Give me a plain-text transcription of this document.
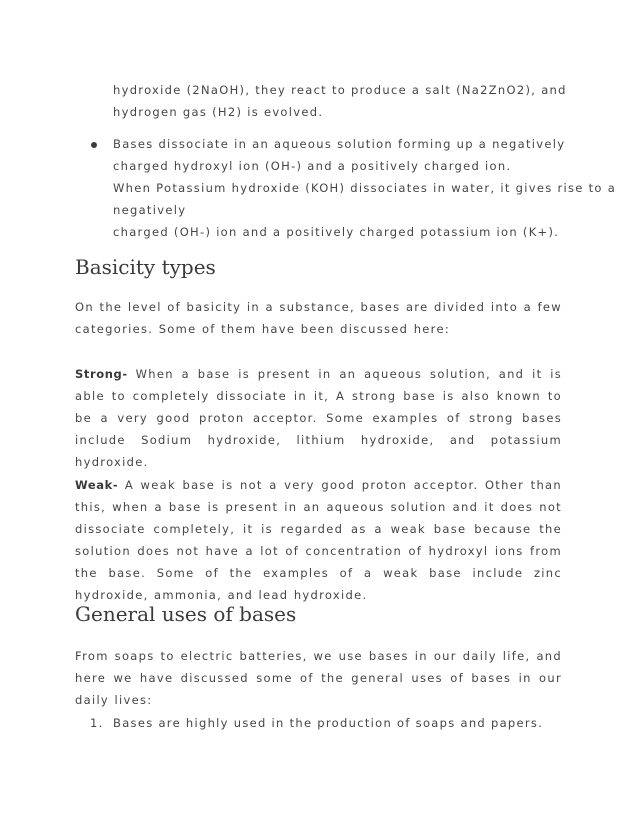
hydroxide (2NaOH), they react to produce a salt (Na2ZnO2), and

hydrogen gas (H2) is evolved.

Bases dissociate in an aqueous solution forming up a negatively

charged hydroxyl ion (OH-) and a positively charged ion.

When Potassium hydroxide (KOH) dissociates in water, it gives rise to a

negatively

charged (OH-) ion and a positively charged potassium ion (K+).

Basicity types

On the level of basicity in a substance, bases are divided into a few categories. Some of them have been discussed here:

Strong- When a base is present in an aqueous solution, and it is able to completely dissociate in it, A strong base is also known to be a very good proton acceptor. Some examples of strong bases include Sodium hydroxide, lithium hydroxide, and potassium hydroxide.

Weak- A weak base is not a very good proton acceptor. Other than this, when a base is present in an aqueous solution and it does not dissociate completely, it is regarded as a weak base because the solution does not have a lot of concentration of hydroxyl ions from the base. Some of the examples of a weak base include zinc hydroxide, ammonia, and lead hydroxide.

General uses of bases

From soaps to electric batteries, we use bases in our daily life, and here we have discussed some of the general uses of bases in our daily lives:

1. Bases are highly used in the production of soaps and papers.
